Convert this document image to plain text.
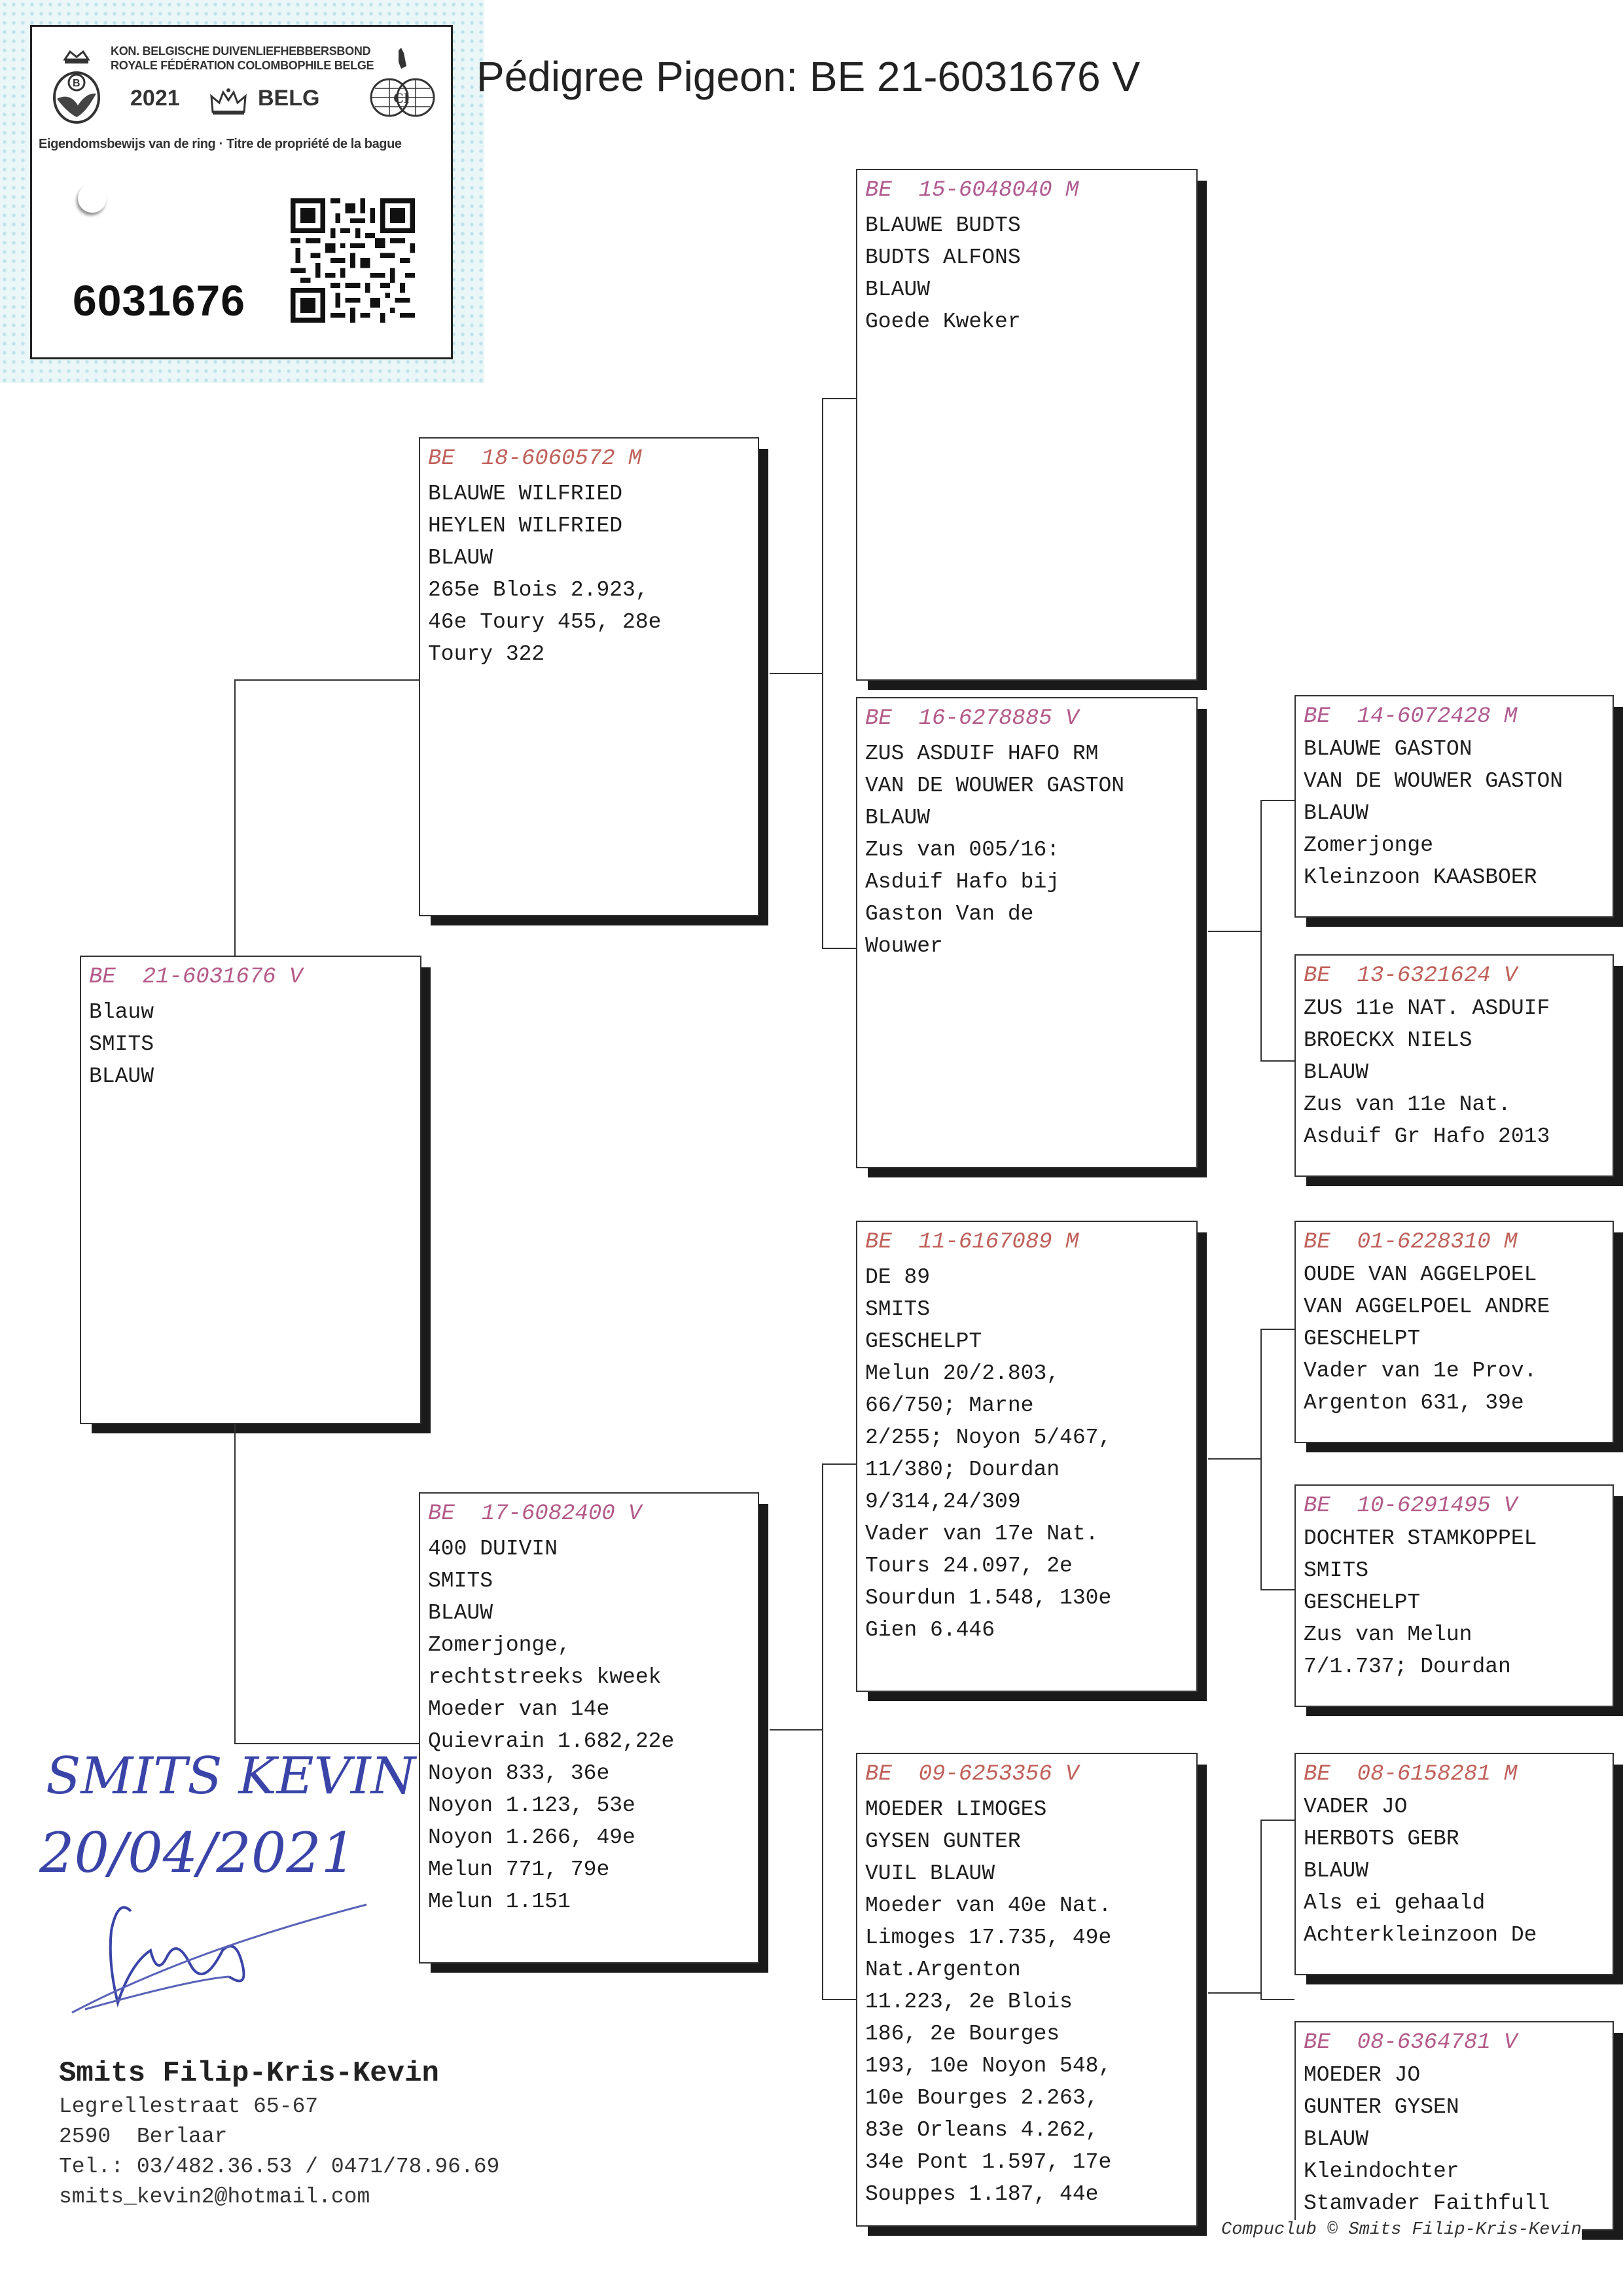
B
KON. BELGISCHE DUIVENLIEFHEBBERSBOND
ROYALE FÉDÉRATION COLOMBOPHILE BELGE
2021	BELG	CI
Eigendomsbewijs van de ring · Titre de propriété de la bague
6031676
Pédigree Pigeon: BE 21-6031676 V
BE  21-6031676 V
Blauw
SMITS
BLAUW
BE  18-6060572 M
BLAUWE WILFRIED
HEYLEN WILFRIED
BLAUW
265e Blois 2.923,
46e Toury 455, 28e
Toury 322
BE  17-6082400 V
400 DUIVIN
SMITS
BLAUW
Zomerjonge,
rechtstreeks kweek
Moeder van 14e
Quievrain 1.682,22e
Noyon 833, 36e
Noyon 1.123, 53e
Noyon 1.266, 49e
Melun 771, 79e
Melun 1.151
BE  15-6048040 M
BLAUWE BUDTS
BUDTS ALFONS
BLAUW
Goede Kweker
BE  16-6278885 V
ZUS ASDUIF HAFO RM
VAN DE WOUWER GASTON
BLAUW
Zus van 005/16:
Asduif Hafo bij
Gaston Van de
Wouwer
BE  11-6167089 M
DE 89
SMITS
GESCHELPT
Melun 20/2.803,
66/750; Marne
2/255; Noyon 5/467,
11/380; Dourdan
9/314,24/309
Vader van 17e Nat.
Tours 24.097, 2e
Sourdun 1.548, 130e
Gien 6.446
BE  09-6253356 V
MOEDER LIMOGES
GYSEN GUNTER
VUIL BLAUW
Moeder van 40e Nat.
Limoges 17.735, 49e
Nat.Argenton
11.223, 2e Blois
186, 2e Bourges
193, 10e Noyon 548,
10e Bourges 2.263,
83e Orleans 4.262,
34e Pont 1.597, 17e
Souppes 1.187, 44e
BE  14-6072428 M
BLAUWE GASTON
VAN DE WOUWER GASTON
BLAUW
Zomerjonge
Kleinzoon KAASBOER
BE  13-6321624 V
ZUS 11e NAT. ASDUIF
BROECKX NIELS
BLAUW
Zus van 11e Nat.
Asduif Gr Hafo 2013
BE  01-6228310 M
OUDE VAN AGGELPOEL
VAN AGGELPOEL ANDRE
GESCHELPT
Vader van 1e Prov.
Argenton 631, 39e
BE  10-6291495 V
DOCHTER STAMKOPPEL
SMITS
GESCHELPT
Zus van Melun
7/1.737; Dourdan
BE  08-6158281 M
VADER JO
HERBOTS GEBR
BLAUW
Als ei gehaald
Achterkleinzoon De
BE  08-6364781 V
MOEDER JO
GUNTER GYSEN
BLAUW
Kleindochter
Stamvader Faithfull
SMITS KEVIN
20/04/2021
Smits Filip-Kris-Kevin
Legrellestraat 65-67
2590  Berlaar
Tel.: 03/482.36.53 / 0471/78.96.69
smits_kevin2@hotmail.com
Compuclub © Smits Filip-Kris-Kevin
